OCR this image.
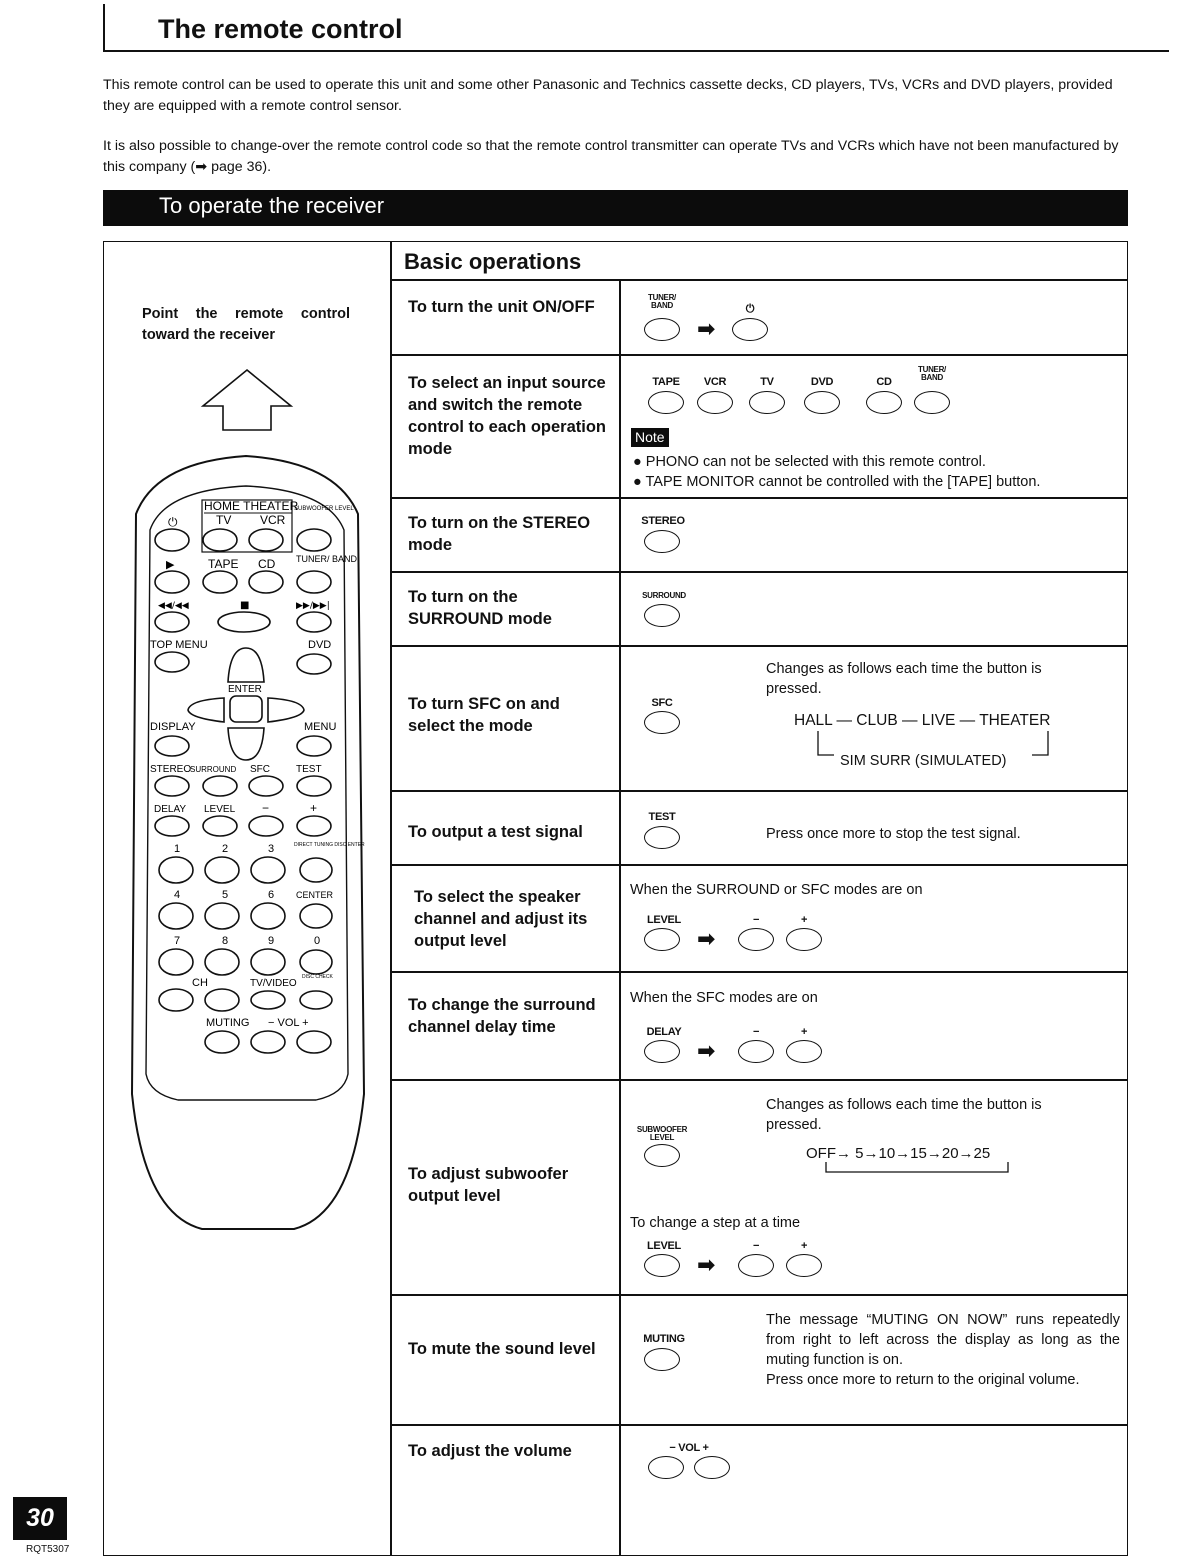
The remote control

This remote control can be used to operate this unit and some other Panasonic and Technics cassette decks, CD players, TVs, VCRs and DVD players, provided they are equipped with a remote control sensor.

It is also possible to change-over the remote control code so that the remote control transmitter can operate TVs and VCRs which have not been manufactured by this company (➡ page 36).

To operate the receiver

Point the remote control toward the receiver

HOME THEATER
⏻	TV VCR
SUBWOOFER LEVEL
▶	TAPE CD TUNER/ BAND
◀◀/◀◀	■	▶▶/▶▶|
TOP MENU	DVD
ENTER
DISPLAY	MENU
STEREO
SURROUND SFC	TEST
DELAY LEVEL −	+
1	2	3	DIRECT TUNING DISC ENTER
4	5	6 CENTER
7	8	9	0
CH	TV/VIDEO
DISC CHECK
MUTING − VOL +
Basic operations
To turn the unit ON/OFF
TUNER/ BAND
➡
⏻
To select an input source and switch the remote control to each operation mode
TAPE	VCR	TV	DVD	CD
TUNER/ BAND
Note
● PHONO can not be selected with this remote control.
● TAPE MONITOR cannot be controlled with the [TAPE] button.
To turn on the STEREO mode
STEREO
To turn on the SURROUND mode
SURROUND
To turn SFC on and select the mode
SFC
Changes as follows each time the button is pressed.
HALL — CLUB — LIVE — THEATER
SIM SURR (SIMULATED)
To output a test signal
TEST
Press once more to stop the test signal.
To select the speaker channel and adjust its output level
When the SURROUND or SFC modes are on
LEVEL
➡
−	+
To change the surround channel delay time
When the SFC modes are on
DELAY
➡
−	+
To adjust subwoofer output level
SUBWOOFER LEVEL
Changes as follows each time the button is pressed.
OFF→ 5→10→15→20→25
To change a step at a time
LEVEL
➡
−	+
To mute the sound level
MUTING
The message “MUTING ON NOW” runs repeatedly from right to left across the display as long as the muting function is on.
Press once more to return to the original volume.
To adjust the volume	− VOL +
30
RQT5307
